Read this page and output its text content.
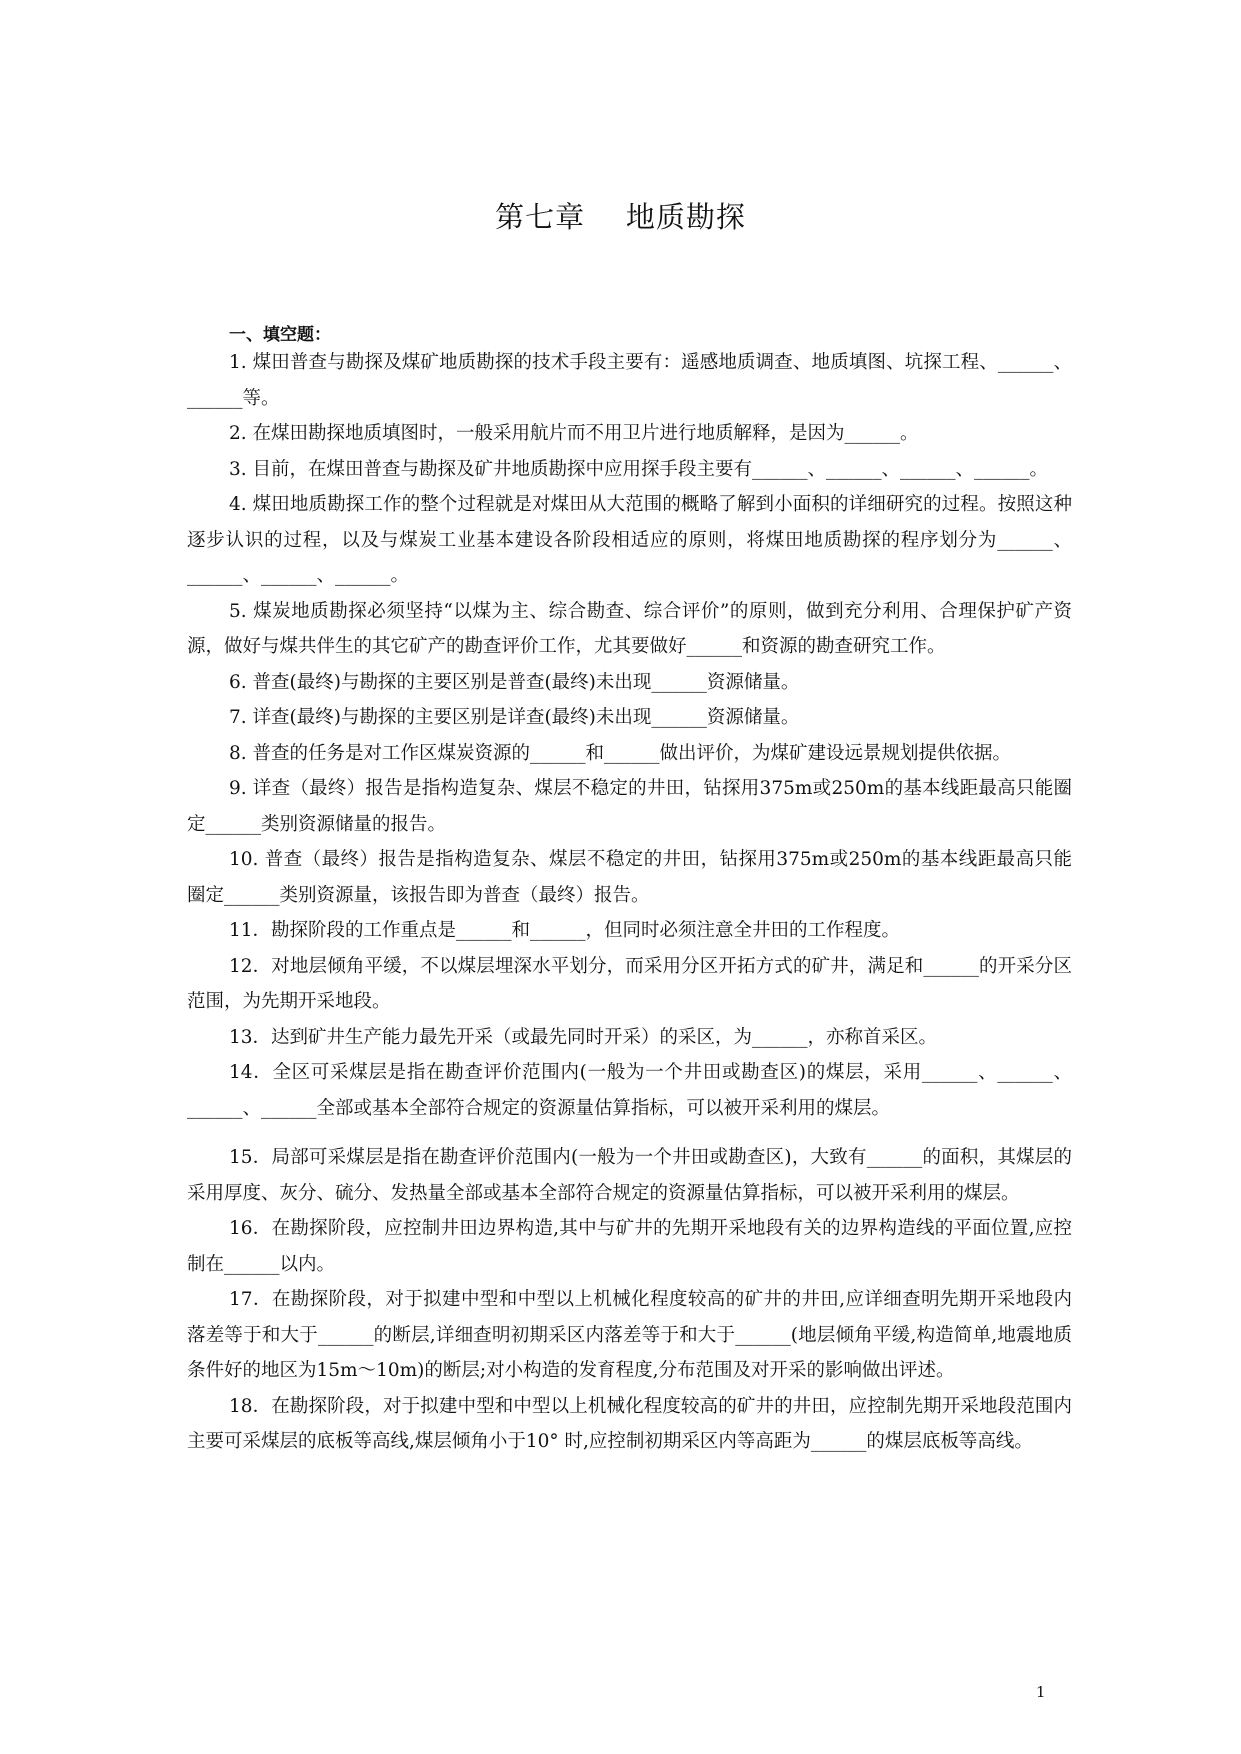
第七章    地质勘探
一、填空题：

1. 煤田普查与勘探及煤矿地质勘探的技术手段主要有：遥感地质调查、地质填图、坑探工程、______、______等。

2. 在煤田勘探地质填图时，一般采用航片而不用卫片进行地质解释，是因为______。

3. 目前，在煤田普查与勘探及矿井地质勘探中应用探手段主要有______、______、______、______。

4. 煤田地质勘探工作的整个过程就是对煤田从大范围的概略了解到小面积的详细研究的过程。按照这种逐步认识的过程，以及与煤炭工业基本建设各阶段相适应的原则，将煤田地质勘探的程序划分为______、______、______、______。

5. 煤炭地质勘探必须坚持“以煤为主、综合勘查、综合评价”的原则，做到充分利用、合理保护矿产资源，做好与煤共伴生的其它矿产的勘查评价工作，尤其要做好______和资源的勘查研究工作。

6. 普查(最终)与勘探的主要区别是普查(最终)未出现______资源储量。

7. 详查(最终)与勘探的主要区别是详查(最终)未出现______资源储量。

8. 普查的任务是对工作区煤炭资源的______和______做出评价，为煤矿建设远景规划提供依据。

9. 详查（最终）报告是指构造复杂、煤层不稳定的井田，钻探用375m或250m的基本线距最高只能圈定______类别资源储量的报告。

10. 普查（最终）报告是指构造复杂、煤层不稳定的井田，钻探用375m或250m的基本线距最高只能圈定______类别资源量，该报告即为普查（最终）报告。

11．勘探阶段的工作重点是______和______，但同时必须注意全井田的工作程度。

12．对地层倾角平缓，不以煤层埋深水平划分，而采用分区开拓方式的矿井，满足和______的开采分区范围，为先期开采地段。

13．达到矿井生产能力最先开采（或最先同时开采）的采区，为______，亦称首采区。

14．全区可采煤层是指在勘查评价范围内(一般为一个井田或勘查区)的煤层，采用______、______、______、______全部或基本全部符合规定的资源量估算指标，可以被开采利用的煤层。

15．局部可采煤层是指在勘查评价范围内(一般为一个井田或勘查区)，大致有______的面积，其煤层的采用厚度、灰分、硫分、发热量全部或基本全部符合规定的资源量估算指标，可以被开采利用的煤层。

16．在勘探阶段，应控制井田边界构造,其中与矿井的先期开采地段有关的边界构造线的平面位置,应控制在______以内。

17．在勘探阶段，对于拟建中型和中型以上机械化程度较高的矿井的井田,应详细查明先期开采地段内落差等于和大于______的断层,详细查明初期采区内落差等于和大于______(地层倾角平缓,构造简单,地震地质条件好的地区为15m～10m)的断层;对小构造的发育程度,分布范围及对开采的影响做出评述。

18．在勘探阶段，对于拟建中型和中型以上机械化程度较高的矿井的井田，应控制先期开采地段范围内主要可采煤层的底板等高线,煤层倾角小于10° 时,应控制初期采区内等高距为______的煤层底板等高线。

1
